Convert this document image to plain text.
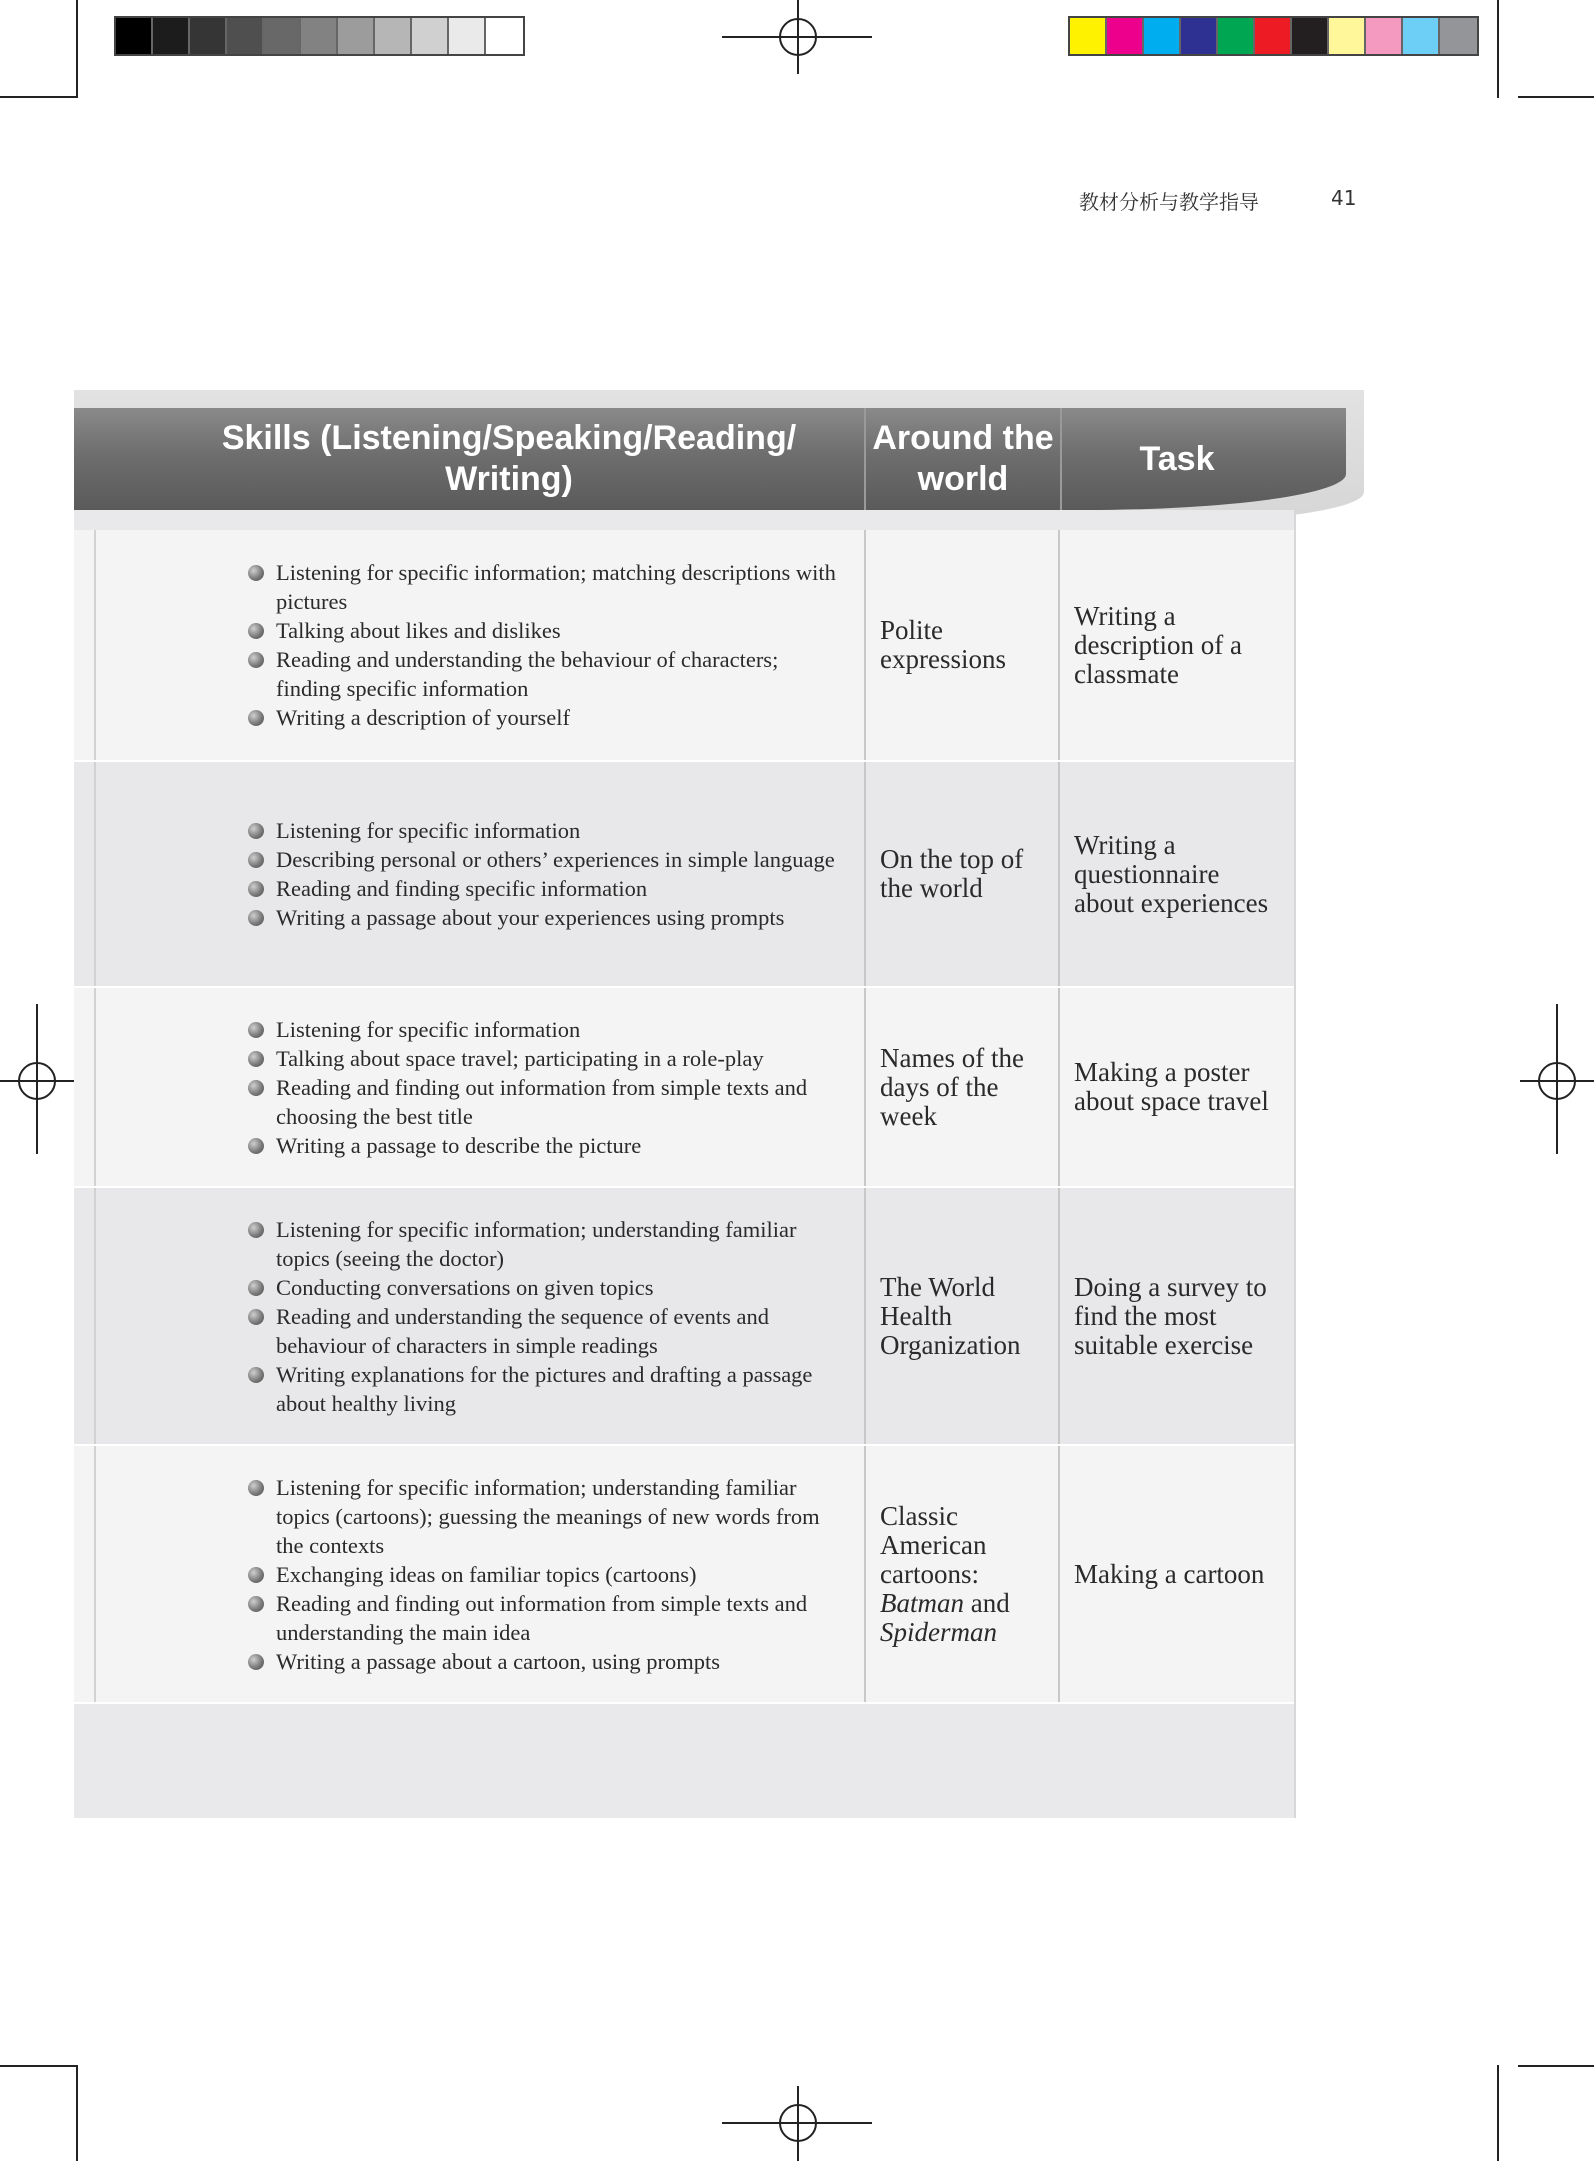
教材分析与教学指导	41
Skills (Listening/Speaking/Reading/ Writing)
Around the world
Task
Listening for specific information; matching descriptions with pictures
Talking about likes and dislikes
Reading and understanding the behaviour of characters; finding specific information
Writing a description of yourself
Polite expressions
Writing a description of a classmate
Listening for specific information
Describing personal or others’ experiences in simple language
Reading and finding specific information
Writing a passage about your experiences using prompts
On the top of the world
Writing a questionnaire about experiences
Listening for specific information
Talking about space travel; participating in a role-play
Reading and finding out information from simple texts and choosing the best title
Writing a passage to describe the picture
Names of the days of the week
Making a poster about space travel
Listening for specific information; understanding familiar topics (seeing the doctor)
Conducting conversations on given topics
Reading and understanding the sequence of events and behaviour of characters in simple readings
Writing explanations for the pictures and drafting a passage about healthy living
The World Health Organization
Doing a survey to find the most suitable exercise
Listening for specific information; understanding familiar topics (cartoons); guessing the meanings of new words from the contexts
Exchanging ideas on familiar topics (cartoons)
Reading and finding out information from simple texts and understanding the main idea
Writing a passage about a cartoon, using prompts
Classic American cartoons: Batman and Spiderman
Making a cartoon
